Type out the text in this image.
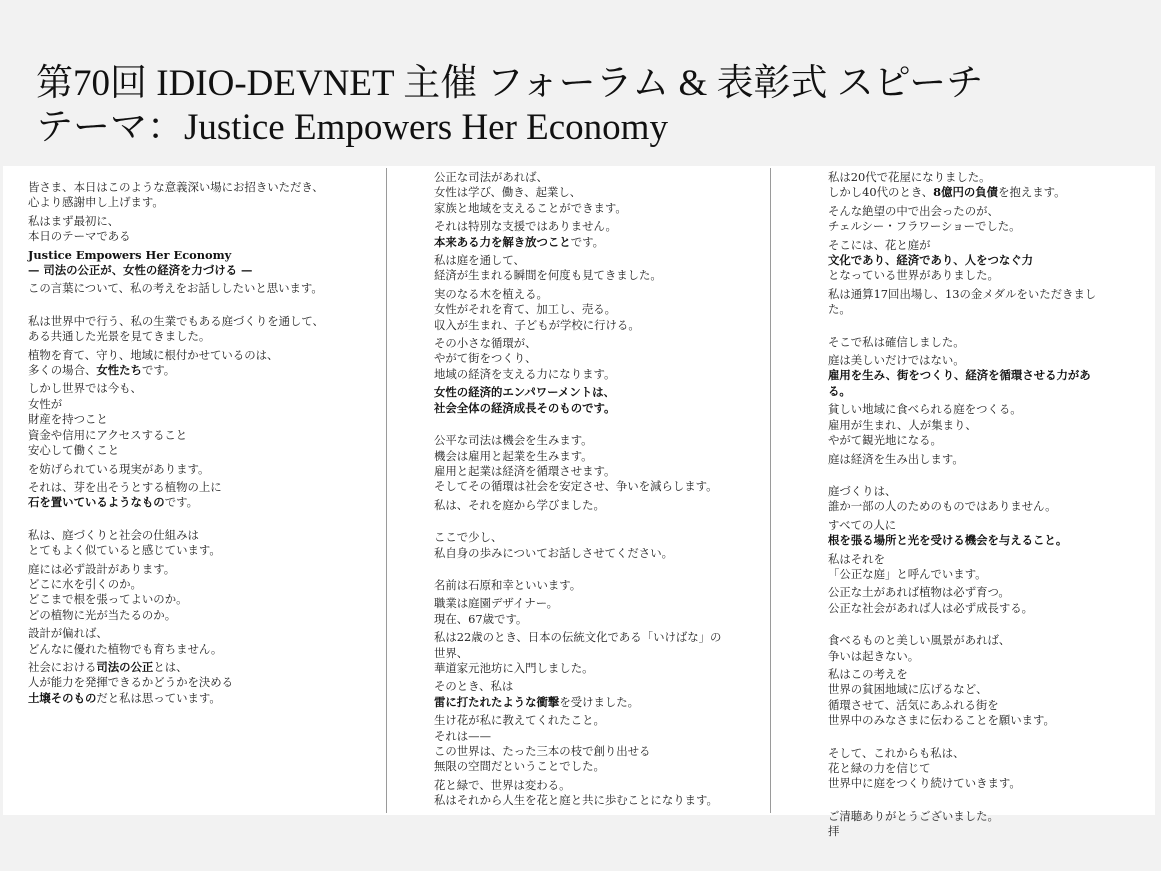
第70回 IDIO-DEVNET 主催 フォーラム & 表彰式 スピーチ
テーマ：Justice Empowers Her Economy

皆さま、本日はこのような意義深い場にお招きいただき、
心より感謝申し上げます。

私はまず最初に、
本日のテーマである

Justice Empowers Her Economy
— 司法の公正が、女性の経済を力づける —

この言葉について、私の考えをお話ししたいと思います。

私は世界中で行う、私の生業でもある庭づくりを通して、
ある共通した光景を見てきました。

植物を育て、守り、地域に根付かせているのは、
多くの場合、女性たちです。

しかし世界では今も、
女性が
財産を持つこと
資金や信用にアクセスすること
安心して働くこと

を妨げられている現実があります。

それは、芽を出そうとする植物の上に
石を置いているようなものです。

私は、庭づくりと社会の仕組みは
とてもよく似ていると感じています。

庭には必ず設計があります。
どこに水を引くのか。
どこまで根を張ってよいのか。
どの植物に光が当たるのか。

設計が偏れば、
どんなに優れた植物でも育ちません。

社会における司法の公正とは、
人が能力を発揮できるかどうかを決める
土壌そのものだと私は思っています。

公正な司法があれば、
女性は学び、働き、起業し、
家族と地域を支えることができます。

それは特別な支援ではありません。
本来ある力を解き放つことです。

私は庭を通して、
経済が生まれる瞬間を何度も見てきました。

実のなる木を植える。
女性がそれを育て、加工し、売る。
収入が生まれ、子どもが学校に行ける。

その小さな循環が、
やがて街をつくり、
地域の経済を支える力になります。

女性の経済的エンパワーメントは、
社会全体の経済成長そのものです。

公平な司法は機会を生みます。
機会は雇用と起業を生みます。
雇用と起業は経済を循環させます。
そしてその循環は社会を安定させ、争いを減らします。

私は、それを庭から学びました。

ここで少し、
私自身の歩みについてお話しさせてください。

名前は石原和幸といいます。

職業は庭園デザイナー。
現在、67歳です。

私は22歳のとき、日本の伝統文化である「いけばな」の世界、
華道家元池坊に入門しました。

そのとき、私は
雷に打たれたような衝撃を受けました。

生け花が私に教えてくれたこと。
それは——
この世界は、たった三本の枝で創り出せる
無限の空間だということでした。

花と緑で、世界は変わる。
私はそれから人生を花と庭と共に歩むことになります。

私は20代で花屋になりました。
しかし40代のとき、8億円の負債を抱えます。

そんな絶望の中で出会ったのが、
チェルシー・フラワーショーでした。

そこには、花と庭が
文化であり、経済であり、人をつなぐ力
となっている世界がありました。

私は通算17回出場し、13の金メダルをいただきました。

そこで私は確信しました。

庭は美しいだけではない。
雇用を生み、街をつくり、経済を循環させる力がある。

貧しい地域に食べられる庭をつくる。
雇用が生まれ、人が集まり、
やがて観光地になる。

庭は経済を生み出します。

庭づくりは、
誰か一部の人のためのものではありません。

すべての人に
根を張る場所と光を受ける機会を与えること。

私はそれを
「公正な庭」と呼んでいます。

公正な土があれば植物は必ず育つ。
公正な社会があれば人は必ず成長する。

食べるものと美しい風景があれば、
争いは起きない。

私はこの考えを
世界の貧困地域に広げるなど、
循環させて、活気にあふれる街を
世界中のみなさまに伝わることを願います。

そして、これからも私は、
花と緑の力を信じて
世界中に庭をつくり続けていきます。

ご清聴ありがとうございました。
拝
